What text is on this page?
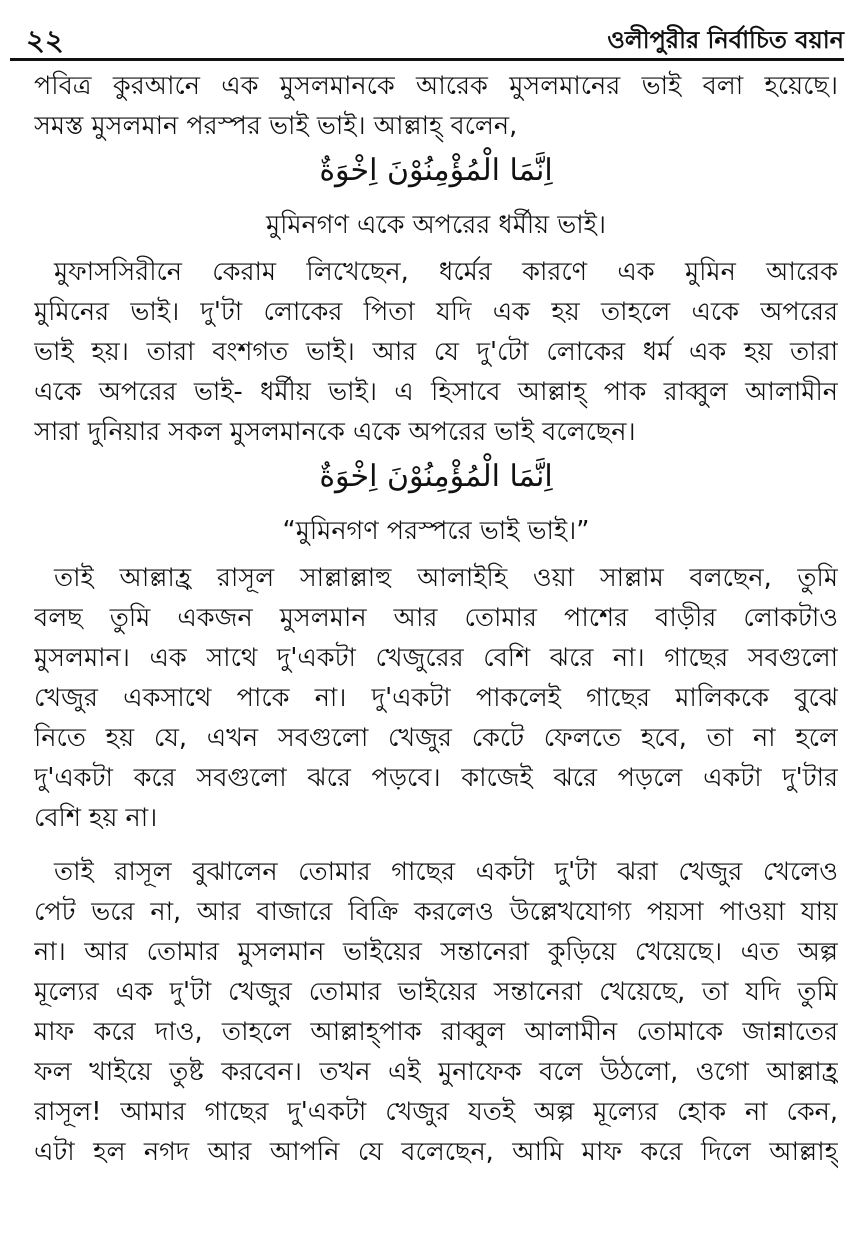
২২	ওলীপুরীর নির্বাচিত বয়ান
পবিত্র কুরআনে এক মুসলমানকে আরেক মুসলমানের ভাই বলা হয়েছে।
সমস্ত মুসলমান পরস্পর ভাই ভাই। আল্লাহ্ বলেন,
اِنَّمَا الْمُؤْمِنُوْنَ اِخْوَةٌ
মুমিনগণ একে অপরের ধর্মীয় ভাই।
মুফাসসিরীনে কেরাম লিখেছেন, ধর্মের কারণে এক মুমিন আরেক
মুমিনের ভাই। দু'টা লোকের পিতা যদি এক হয় তাহলে একে অপরের
ভাই হয়। তারা বংশগত ভাই। আর যে দু'টো লোকের ধর্ম এক হয় তারা
একে অপরের ভাই- ধর্মীয় ভাই। এ হিসাবে আল্লাহ্ পাক রাব্বুল আলামীন
সারা দুনিয়ার সকল মুসলমানকে একে অপরের ভাই বলেছেন।
اِنَّمَا الْمُؤْمِنُوْنَ اِخْوَةٌ
“মুমিনগণ পরস্পরে ভাই ভাই।”
তাই আল্লাহ্র রাসূল সাল্লাল্লাহু আলাইহি ওয়া সাল্লাম বলছেন, তুমি
বলছ তুমি একজন মুসলমান আর তোমার পাশের বাড়ীর লোকটাও
মুসলমান। এক সাথে দু'একটা খেজুরের বেশি ঝরে না। গাছের সবগুলো
খেজুর একসাথে পাকে না। দু'একটা পাকলেই গাছের মালিককে বুঝে
নিতে হয় যে, এখন সবগুলো খেজুর কেটে ফেলতে হবে, তা না হলে
দু'একটা করে সবগুলো ঝরে পড়বে। কাজেই ঝরে পড়লে একটা দু'টার
বেশি হয় না।
তাই রাসূল বুঝালেন তোমার গাছের একটা দু'টা ঝরা খেজুর খেলেও
পেট ভরে না, আর বাজারে বিক্রি করলেও উল্লেখযোগ্য পয়সা পাওয়া যায়
না। আর তোমার মুসলমান ভাইয়ের সন্তানেরা কুড়িয়ে খেয়েছে। এত অল্প
মূল্যের এক দু'টা খেজুর তোমার ভাইয়ের সন্তানেরা খেয়েছে, তা যদি তুমি
মাফ করে দাও, তাহলে আল্লাহ্পাক রাব্বুল আলামীন তোমাকে জান্নাতের
ফল খাইয়ে তুষ্ট করবেন। তখন এই মুনাফেক বলে উঠলো, ওগো আল্লাহ্র
রাসূল! আমার গাছের দু'একটা খেজুর যতই অল্প মূল্যের হোক না কেন,
এটা হল নগদ আর আপনি যে বলেছেন, আমি মাফ করে দিলে আল্লাহ্
